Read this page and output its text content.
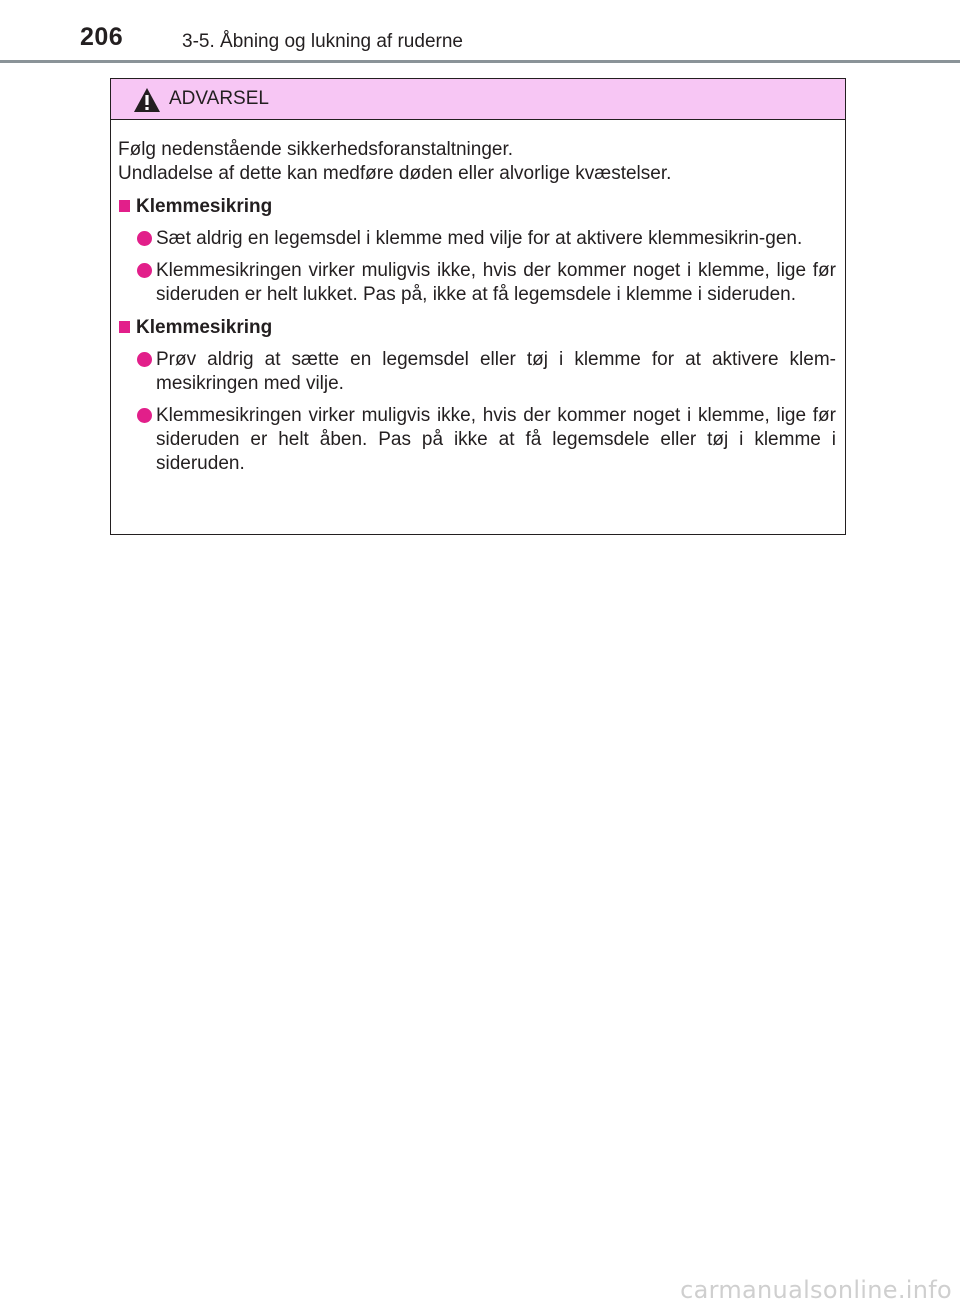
206	3-5. Åbning og lukning af ruderne
ADVARSEL

Følg nedenstående sikkerhedsforanstaltninger.

Undladelse af dette kan medføre døden eller alvorlige kvæstelser.

Klemmesikring

Sæt aldrig en legemsdel i klemme med vilje for at aktivere klemmesikrin-gen.

Klemmesikringen virker muligvis ikke, hvis der kommer noget i klemme, lige før sideruden er helt lukket. Pas på, ikke at få legemsdele i klemme i sideruden.

Klemmesikring

Prøv aldrig at sætte en legemsdel eller tøj i klemme for at aktivere klem-mesikringen med vilje.

Klemmesikringen virker muligvis ikke, hvis der kommer noget i klemme, lige før sideruden er helt åben. Pas på ikke at få legemsdele eller tøj i klemme i sideruden.

carmanualsonline.info
